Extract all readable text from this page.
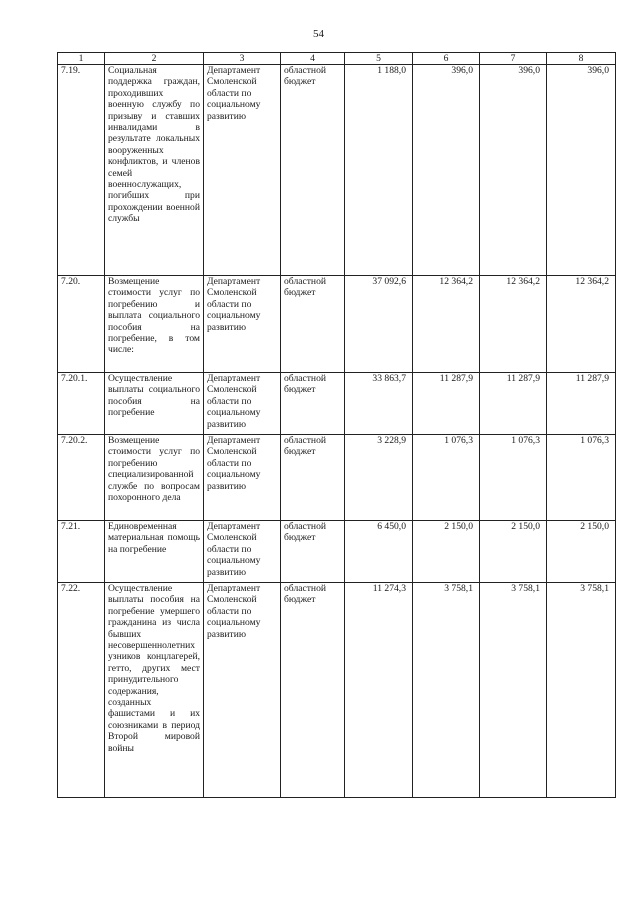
54
1	2	3	4	5	6	7	8
7.19.	Социальная поддержка граждан, проходивших военную службу по призыву и ставших инвалидами в результате локальных вооруженных конфликтов, и членов семей военнослужащих, погибших при прохождении военной службы	Департамент Смоленской области по социальному развитию	областной бюджет	1 188,0	396,0	396,0	396,0
7.20.	Возмещение стоимости услуг по погребению и выплата социального пособия на погребение, в том числе:	Департамент Смоленской области по социальному развитию	областной бюджет	37 092,6	12 364,2	12 364,2	12 364,2
7.20.1.	Осуществление выплаты социального пособия на погребение	Департамент Смоленской области по социальному развитию	областной бюджет	33 863,7	11 287,9	11 287,9	11 287,9
7.20.2.	Возмещение стоимости услуг по погребению специализированной службе по вопросам похоронного дела	Департамент Смоленской области по социальному развитию	областной бюджет	3 228,9	1 076,3	1 076,3	1 076,3
7.21.	Единовременная материальная помощь на погребение	Департамент Смоленской области по социальному развитию	областной бюджет	6 450,0	2 150,0	2 150,0	2 150,0
7.22.	Осуществление выплаты пособия на погребение умершего гражданина из числа бывших несовершеннолетних узников концлагерей, гетто, других мест принудительного содержания, созданных фашистами и их союзниками в период Второй мировой войны	Департамент Смоленской области по социальному развитию	областной бюджет	11 274,3	3 758,1	3 758,1	3 758,1
